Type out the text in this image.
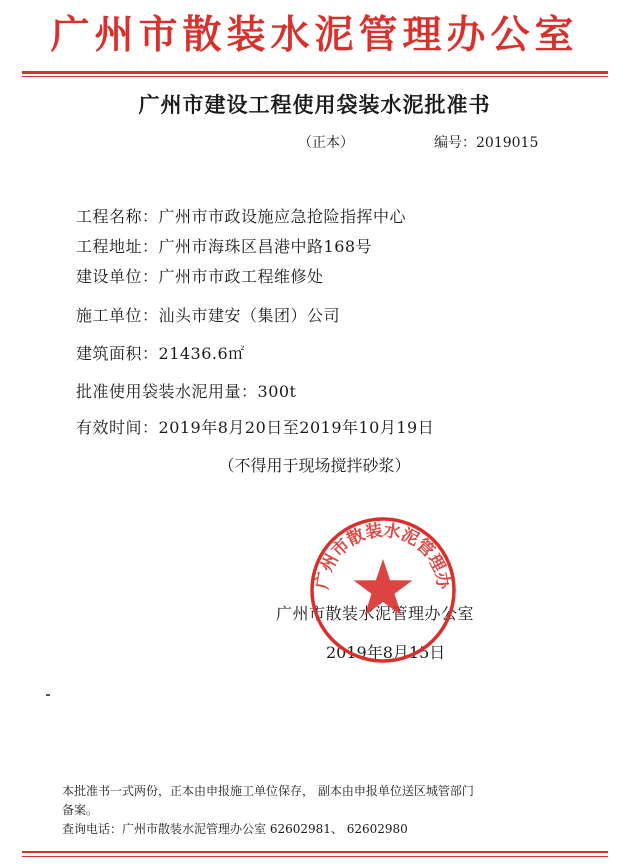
广州市散装水泥管理办公室
广州市建设工程使用袋装水泥批准书
（正本）	编号：2019015
工程名称：广州市市政设施应急抢险指挥中心
工程地址：广州市海珠区昌港中路168号
建设单位：广州市市政工程维修处
施工单位：汕头市建安（集团）公司
建筑面积：21436.6㎡
批准使用袋装水泥用量：300t
有效时间：2019年8月20日至2019年10月19日
（不得用于现场搅拌砂浆）
广州市散装水泥管理办公室
2019年8月15日
广州市散装水泥管理办
本批准书一式两份，正本由申报施工单位保存， 副本由申报单位送区城管部门
备案。
查询电话：广州市散装水泥管理办公室 62602981、 62602980
